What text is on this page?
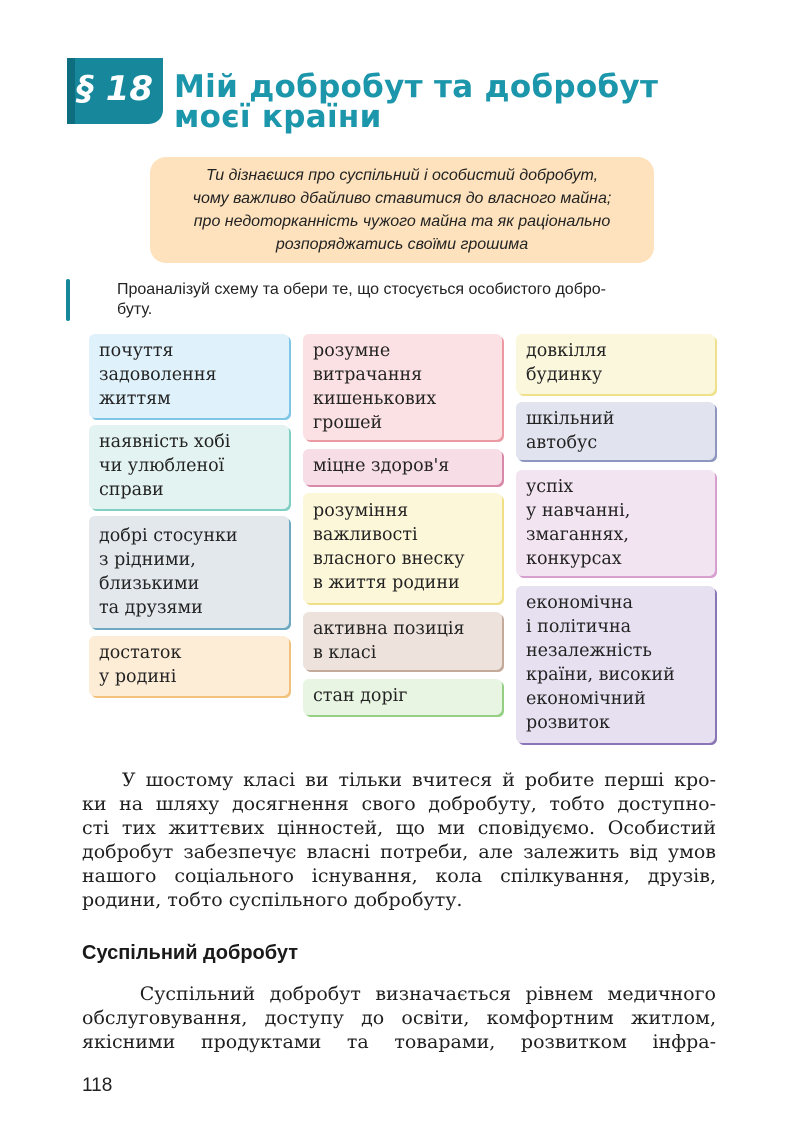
§ 18 Мій добробут та добробут
моєї країни
Ти дізнаєшся про суспільний і особистий добробут,
чому важливо дбайливо ставитися до власного майна;
про недоторканність чужого майна та як раціонально
розпоряджатись своїми грошима
Проаналізуй схему та обери те, що стосується особистого добро-
буту.
почуття
задоволення
життям
наявність хобі
чи улюбленої
справи
добрі стосунки
з рідними,
близькими
та друзями
достаток
у родині
розумне
витрачання
кишенькових
грошей
міцне здоров'я
розуміння
важливості
власного внеску
в життя родини
активна позиція
в класі
стан доріг
довкілля
будинку
шкільний
автобус
успіх
у навчанні,
змаганнях,
конкурсах
економічна
і політична
незалежність
країни, високий
економічний
розвиток
У шостому класі ви тільки вчитеся й робите перші кро-
ки на шляху досягнення свого добробуту, тобто доступно-
сті тих життєвих цінностей, що ми сповідуємо. Особистий
добробут забезпечує власні потреби, але залежить від умов
нашого соціального існування, кола спілкування, друзів,
родини, тобто суспільного добробуту.
Суспільний добробут
Суспільний добробут визначається рівнем медичного
обслуговування, доступу до освіти, комфортним житлом,
якісними продуктами та товарами, розвитком інфра-
118
